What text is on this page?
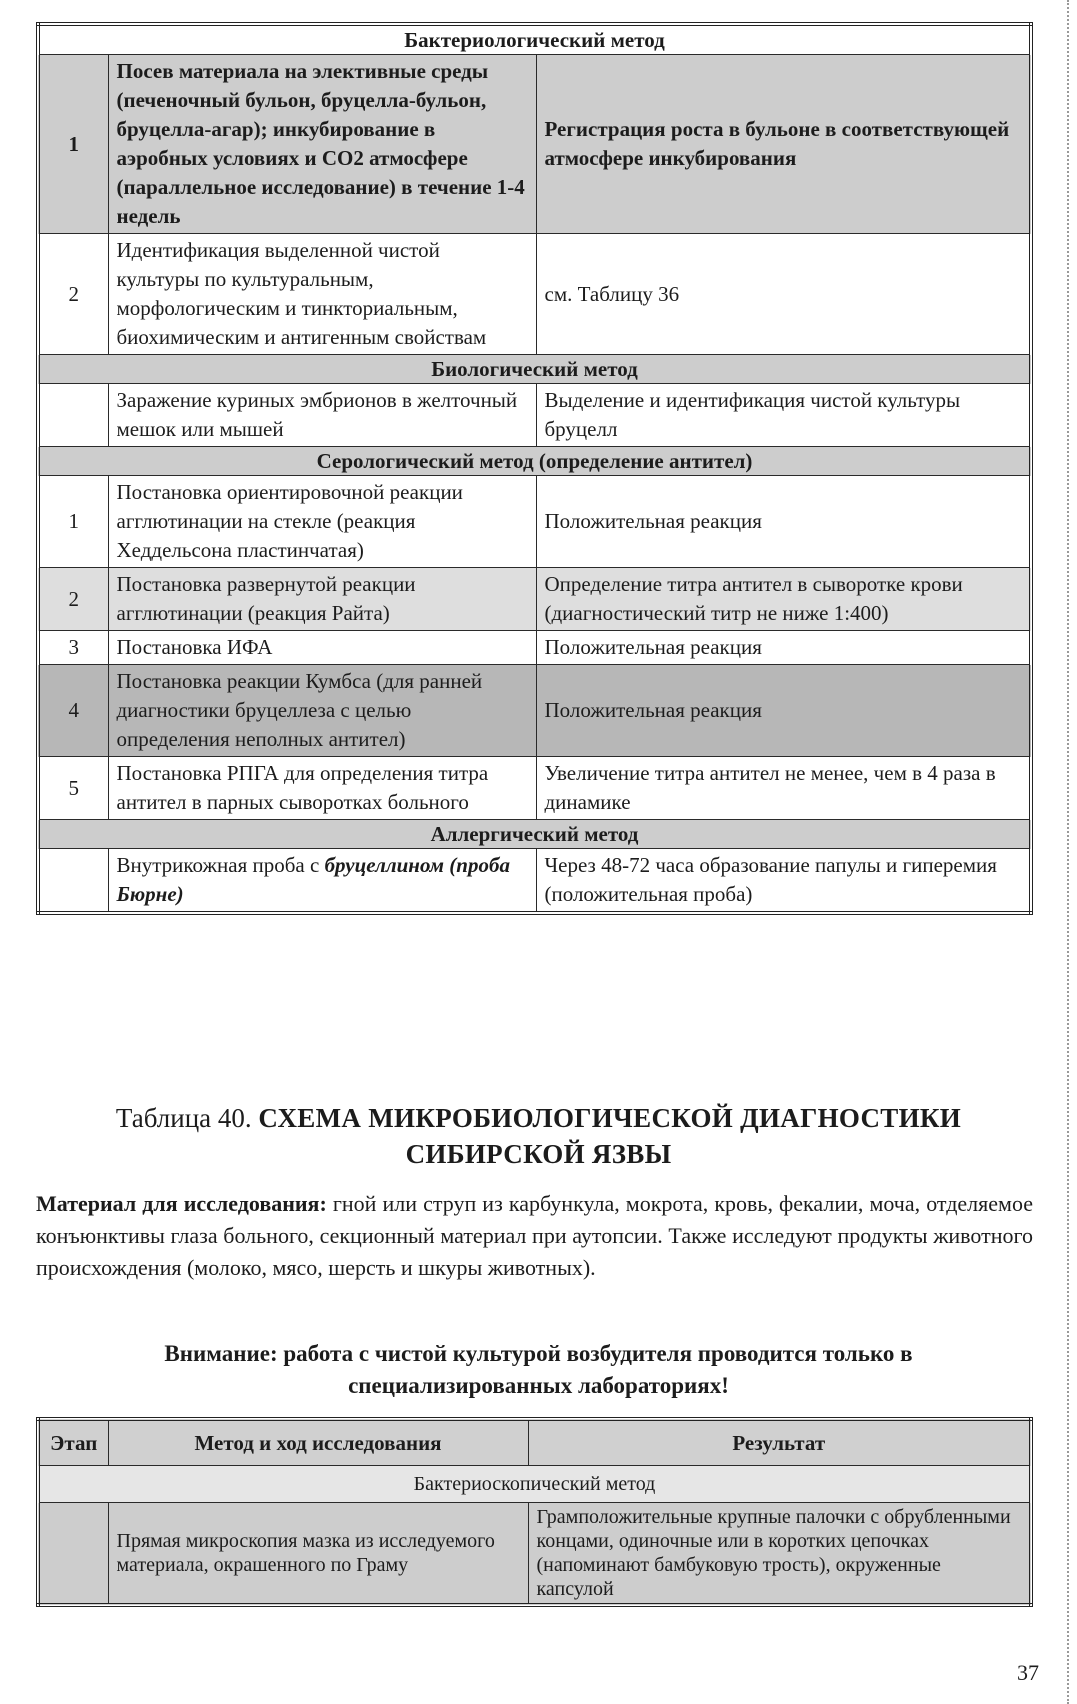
Бактериологический метод		
1	Посев материала на элективные среды (печеночный бульон, бруцелла-бульон, бруцелла-агар); инкубирование в аэробных условиях и СО2 атмосфере (параллельное исследование) в течение 1-4 недель	Регистрация роста в бульоне в соответствующей атмосфере инкубирования
2	Идентификация выделенной чистой культуры по культуральным, морфологическим и тинкториальным, биохимическим и антигенным свойствам	см. Таблицу 36
Биологический метод		
	Заражение куриных эмбрионов в желточный мешок или мышей	Выделение и идентификация чистой культуры бруцелл
Серологический метод (определение антител)		
1	Постановка ориентировочной реакции агглютинации на стекле (реакция Хеддельсона пластинчатая)	Положительная реакция
2	Постановка развернутой реакции агглютинации (реакция Райта)	Определение титра антител в сыворотке крови (диагностический титр не ниже 1:400)
3	Постановка ИФА	Положительная реакция
4	Постановка реакции Кумбса (для ранней диагностики бруцеллеза с целью определения неполных антител)	Положительная реакция
5	Постановка РПГА для определения титра антител в парных сыворотках больного	Увеличение титра антител не менее, чем в 4 раза в динамике
Аллергический метод		
	Внутрикожная проба с бруцеллином (проба Бюрне)	Через 48-72 часа образование папулы и гиперемия (положительная проба)
Таблица 40. СХЕМА МИКРОБИОЛОГИЧЕСКОЙ ДИАГНОСТИКИ СИБИРСКОЙ ЯЗВЫ
Материал для исследования: гной или струп из карбункула, мокрота, кровь, фекалии, моча, отделяемое конъюнктивы глаза больного, секционный материал при аутопсии. Также исследуют продукты животного происхождения (молоко, мясо, шерсть и шкуры животных).
Внимание: работа с чистой культурой возбудителя проводится только в специализированных лабораториях!
Этап	Метод и ход исследования	Результат
Бактериоскопический метод		
	Прямая микроскопия мазка из исследуемого материала, окрашенного по Граму	Грамположительные крупные палочки с обрубленными концами, одиночные или в коротких цепочках (напоминают бамбуковую трость), окруженные капсулой
37
